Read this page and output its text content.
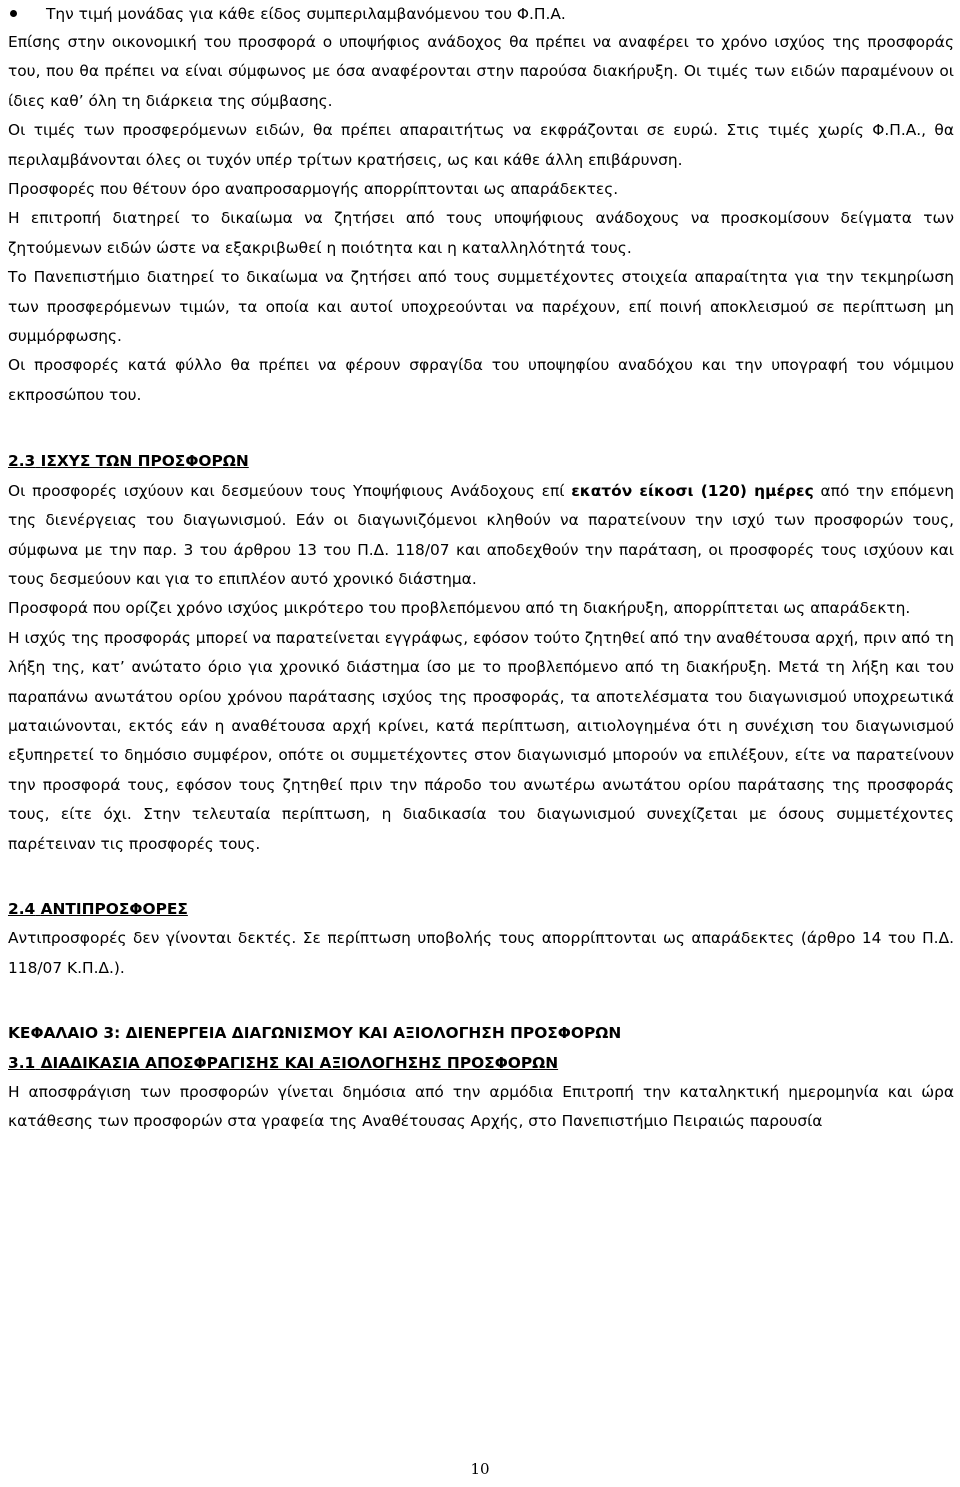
Την τιμή μονάδας για κάθε είδος συμπεριλαμβανόμενου του Φ.Π.Α.

Επίσης στην οικονομική του προσφορά ο υποψήφιος ανάδοχος θα πρέπει να αναφέρει το χρόνο ισχύος της προσφοράς του, που θα πρέπει να είναι σύμφωνος με όσα αναφέρονται στην παρούσα διακήρυξη. Οι τιμές των ειδών παραμένουν οι ίδιες καθ’ όλη τη διάρκεια της σύμβασης.

Οι τιμές των προσφερόμενων ειδών, θα πρέπει απαραιτήτως να εκφράζονται σε ευρώ. Στις τιμές χωρίς Φ.Π.Α., θα περιλαμβάνονται όλες οι τυχόν υπέρ τρίτων κρατήσεις, ως και κάθε άλλη επιβάρυνση.

Προσφορές που θέτουν όρο αναπροσαρμογής απορρίπτονται ως απαράδεκτες.

Η επιτροπή διατηρεί το δικαίωμα να ζητήσει από τους υποψήφιους ανάδοχους να προσκομίσουν δείγματα των ζητούμενων ειδών ώστε να εξακριβωθεί η ποιότητα και η καταλληλότητά τους.

Το Πανεπιστήμιο διατηρεί το δικαίωμα να ζητήσει από τους συμμετέχοντες στοιχεία απαραίτητα για την τεκμηρίωση των προσφερόμενων τιμών, τα οποία και αυτοί υποχρεούνται να παρέχουν, επί ποινή αποκλεισμού σε περίπτωση μη συμμόρφωσης.

Οι προσφορές κατά φύλλο θα πρέπει να φέρουν σφραγίδα του υποψηφίου αναδόχου και την υπογραφή του νόμιμου εκπροσώπου του.

2.3 ΙΣΧΥΣ ΤΩΝ ΠΡΟΣΦΟΡΩΝ

Οι προσφορές ισχύουν και δεσμεύουν τους Υποψήφιους Ανάδοχους επί εκατόν είκοσι (120) ημέρες από την επόμενη της διενέργειας του διαγωνισμού. Εάν οι διαγωνιζόμενοι κληθούν να παρατείνουν την ισχύ των προσφορών τους, σύμφωνα με την παρ. 3 του άρθρου 13 του Π.Δ. 118/07 και αποδεχθούν την παράταση, οι προσφορές τους ισχύουν και τους δεσμεύουν και για το επιπλέον αυτό χρονικό διάστημα.

Προσφορά που ορίζει χρόνο ισχύος μικρότερο του προβλεπόμενου από τη διακήρυξη, απορρίπτεται ως απαράδεκτη.

Η ισχύς της προσφοράς μπορεί να παρατείνεται εγγράφως, εφόσον τούτο ζητηθεί από την αναθέτουσα αρχή, πριν από τη λήξη της, κατ’ ανώτατο όριο για χρονικό διάστημα ίσο με το προβλεπόμενο από τη διακήρυξη. Μετά τη λήξη και του παραπάνω ανωτάτου ορίου χρόνου παράτασης ισχύος της προσφοράς, τα αποτελέσματα του διαγωνισμού υποχρεωτικά ματαιώνονται, εκτός εάν η αναθέτουσα αρχή κρίνει, κατά περίπτωση, αιτιολογημένα ότι η συνέχιση του διαγωνισμού εξυπηρετεί το δημόσιο συμφέρον, οπότε οι συμμετέχοντες στον διαγωνισμό μπορούν να επιλέξουν, είτε να παρατείνουν την προσφορά τους, εφόσον τους ζητηθεί πριν την πάροδο του ανωτέρω ανωτάτου ορίου παράτασης της προσφοράς τους, είτε όχι. Στην τελευταία περίπτωση, η διαδικασία του διαγωνισμού συνεχίζεται με όσους συμμετέχοντες παρέτειναν τις προσφορές τους.

2.4 ΑΝΤΙΠΡΟΣΦΟΡΕΣ

Αντιπροσφορές δεν γίνονται δεκτές. Σε περίπτωση υποβολής τους απορρίπτονται ως απαράδεκτες (άρθρο 14 του Π.Δ. 118/07 Κ.Π.Δ.).

ΚΕΦΑΛΑΙΟ 3: ΔΙΕΝΕΡΓΕΙΑ ΔΙΑΓΩΝΙΣΜΟΥ ΚΑΙ ΑΞΙΟΛΟΓΗΣΗ ΠΡΟΣΦΟΡΩΝ

3.1 ΔΙΑΔΙΚΑΣΙΑ ΑΠΟΣΦΡΑΓΙΣΗΣ ΚΑΙ ΑΞΙΟΛΟΓΗΣΗΣ ΠΡΟΣΦΟΡΩΝ

Η αποσφράγιση των προσφορών γίνεται δημόσια από την αρμόδια Επιτροπή την καταληκτική ημερομηνία και ώρα κατάθεσης των προσφορών στα γραφεία της Αναθέτουσας Αρχής, στο Πανεπιστήμιο Πειραιώς παρουσία

10
